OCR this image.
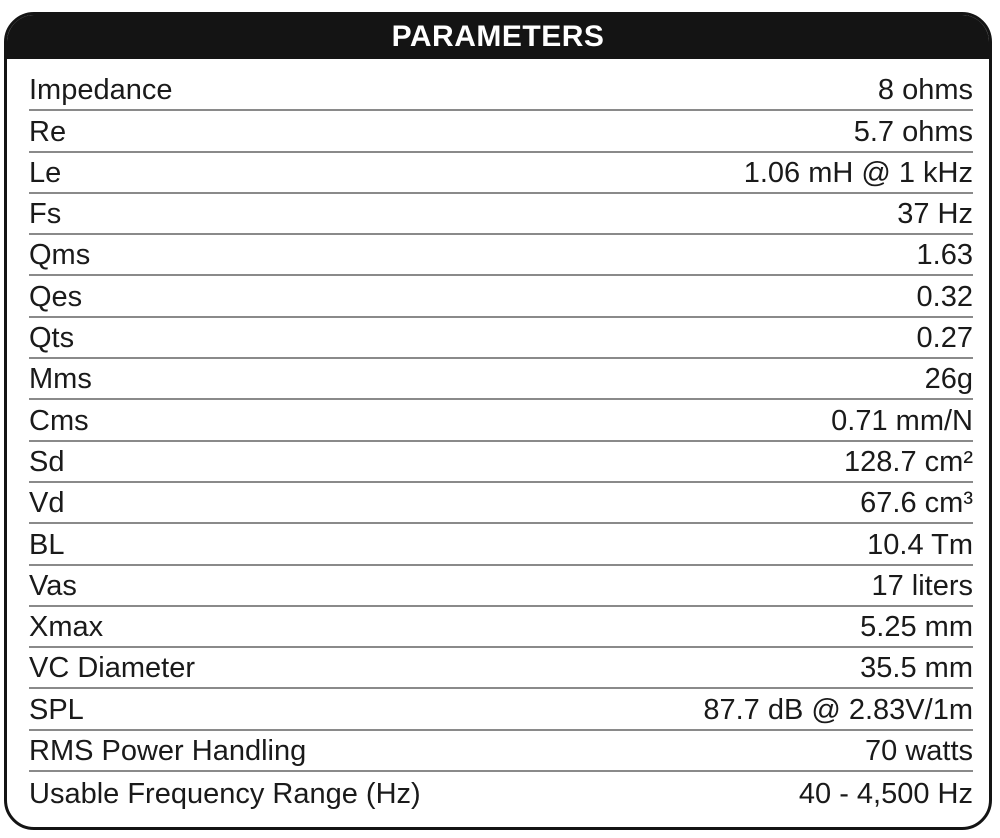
PARAMETERS
Impedance	8 ohms
Re	5.7 ohms
Le	1.06 mH @ 1 kHz
Fs	37 Hz
Qms	1.63
Qes	0.32
Qts	0.27
Mms	26g
Cms	0.71 mm/N
Sd	128.7 cm²
Vd	67.6 cm³
BL	10.4 Tm
Vas	17 liters
Xmax	5.25 mm
VC Diameter	35.5 mm
SPL	87.7 dB @ 2.83V/1m
RMS Power Handling	70 watts
Usable Frequency Range (Hz)	40 - 4,500 Hz
